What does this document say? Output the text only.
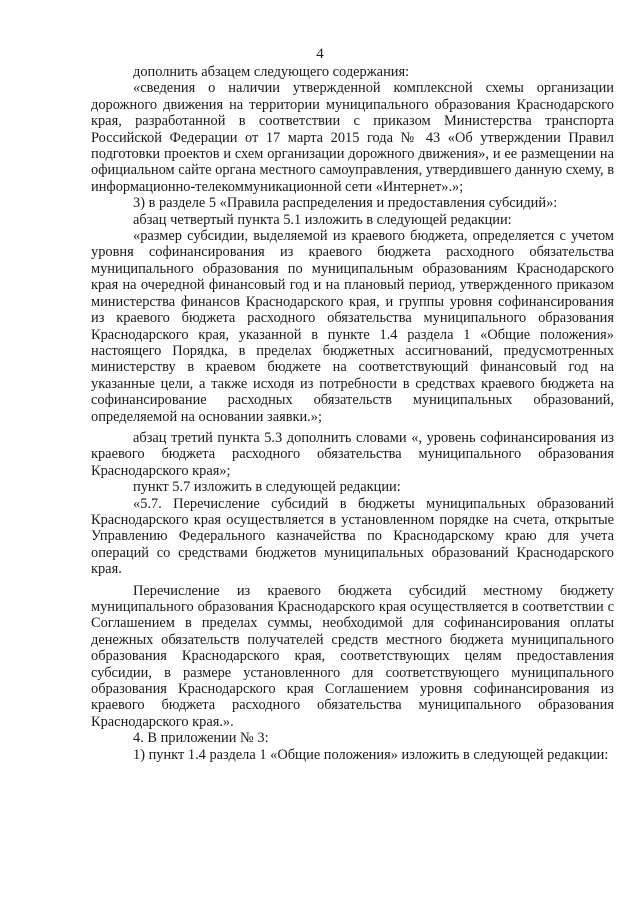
4

дополнить абзацем следующего содержания:

«сведения о наличии утвержденной комплексной схемы организации дорожного движения на территории муниципального образования Краснодарского края, разработанной в соответствии с приказом Министерства транспорта Российской Федерации от 17 марта 2015 года № 43 «Об утверждении Правил подготовки проектов и схем организации дорожного движения», и ее размещении на официальном сайте органа местного самоуправления, утвердившего данную схему, в информационно-телекоммуникационной сети «Интернет».»;

3) в разделе 5 «Правила распределения и предоставления субсидий»:

абзац четвертый пункта 5.1 изложить в следующей редакции:

«размер субсидии, выделяемой из краевого бюджета, определяется с учетом уровня софинансирования из краевого бюджета расходного обязательства муниципального образования по муниципальным образованиям Краснодарского края на очередной финансовый год и на плановый период, утвержденного приказом министерства финансов Краснодарского края, и группы уровня софинансирования из краевого бюджета расходного обязательства муниципального образования Краснодарского края, указанной в пункте 1.4 раздела 1 «Общие положения» настоящего Порядка, в пределах бюджетных ассигнований, предусмотренных министерству в краевом бюджете на соответствующий финансовый год на указанные цели, а также исходя из потребности в средствах краевого бюджета на софинансирование расходных обязательств муниципальных образований, определяемой на основании заявки.»;

абзац третий пункта 5.3 дополнить словами «, уровень софинансирования из краевого бюджета расходного обязательства муниципального образования Краснодарского края»;

пункт 5.7 изложить в следующей редакции:

«5.7. Перечисление субсидий в бюджеты муниципальных образований Краснодарского края осуществляется в установленном порядке на счета, открытые Управлению Федерального казначейства по Краснодарскому краю для учета операций со средствами бюджетов муниципальных образований Краснодарского края.

Перечисление из краевого бюджета субсидий местному бюджету муниципального образования Краснодарского края осуществляется в соответствии с Соглашением в пределах суммы, необходимой для софинансирования оплаты денежных обязательств получателей средств местного бюджета муниципального образования Краснодарского края, соответствующих целям предоставления субсидии, в размере установленного для соответствующего муниципального образования Краснодарского края Соглашением уровня софинансирования из краевого бюджета расходного обязательства муниципального образования Краснодарского края.».

4. В приложении № 3:

1) пункт 1.4 раздела 1 «Общие положения» изложить в следующей редакции:
